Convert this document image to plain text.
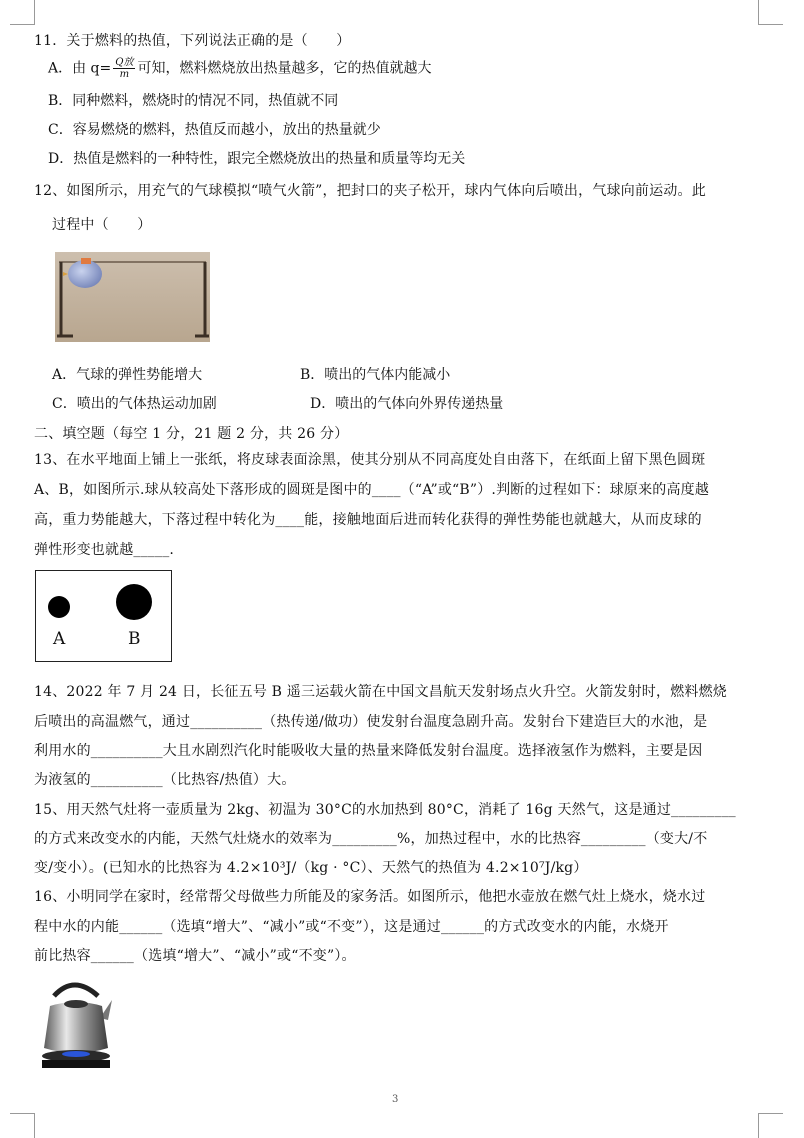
11．关于燃料的热值，下列说法正确的是（　　）
A．由 $q= \frac{\text{Q放}}{m}$ 可知，燃料燃烧放出热量越多，它的热值就越大
B．同种燃料，燃烧时的情况不同，热值就不同
C．容易燃烧的燃料，热值反而越小，放出的热量就少
D．热值是燃料的一种特性，跟完全燃烧放出的热量和质量等均无关
12、如图所示，用充气的气球模拟“喷气火箭”，把封口的夹子松开，球内气体向后喷出，气球向前运动。此
过程中（　　）
A．气球的弹性势能增大	B．喷出的气体内能减小
C．喷出的气体热运动加剧	D．喷出的气体向外界传递热量
二、填空题（每空 1 分，21 题 2 分，共 26 分）
13、在水平地面上铺上一张纸，将皮球表面涂黑，使其分别从不同高度处自由落下，在纸面上留下黑色圆斑
A、B，如图所示.球从较高处下落形成的圆斑是图中的____（“A”或“B”）.判断的过程如下：球原来的高度越
高，重力势能越大，下落过程中转化为____能，接触地面后进而转化获得的弹性势能也就越大，从而皮球的
弹性形变也就越_____.
A	B
14、2022 年 7 月 24 日，长征五号 B 遥三运载火箭在中国文昌航天发射场点火升空。火箭发射时，燃料燃烧
后喷出的高温燃气，通过__________（热传递/做功）使发射台温度急剧升高。发射台下建造巨大的水池，是
利用水的__________大且水剧烈汽化时能吸收大量的热量来降低发射台温度。选择液氢作为燃料，主要是因
为液氢的__________（比热容/热值）大。
15、用天然气灶将一壶质量为 2kg、初温为 30°C的水加热到 80°C，消耗了 16g 天然气，这是通过_________
的方式来改变水的内能，天然气灶烧水的效率为_________%，加热过程中，水的比热容_________（变大/不
变/变小）。(已知水的比热容为 4.2×10³J/（kg · °C）、天然气的热值为 4.2×10⁷J/kg）
16、小明同学在家时，经常帮父母做些力所能及的家务活。如图所示，他把水壶放在燃气灶上烧水，烧水过
程中水的内能______（选填“增大”、“减小”或“不变”），这是通过______的方式改变水的内能，水烧开
前比热容______（选填“增大”、“减小”或“不变”）。
3
